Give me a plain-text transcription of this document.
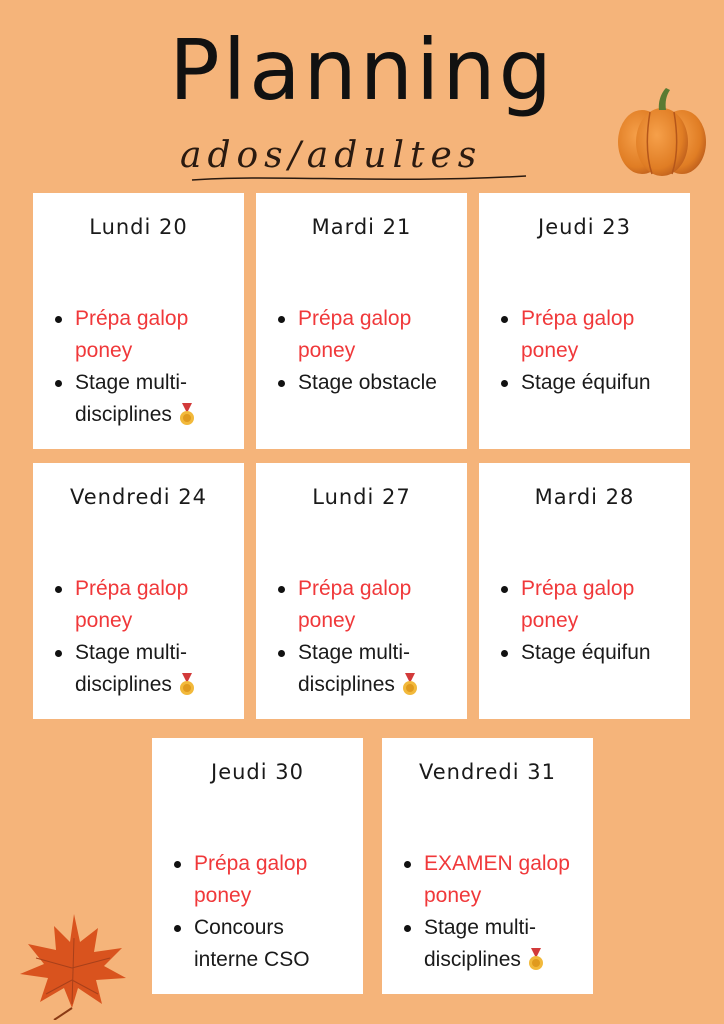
Planning
ados/adultes
Lundi 20
Prépa galop
poney
Stage multi-
disciplines
Mardi 21
Prépa galop
poney
Stage obstacle
Jeudi 23
Prépa galop
poney
Stage équifun
Vendredi 24
Prépa galop
poney
Stage multi-
disciplines
Lundi 27
Prépa galop
poney
Stage multi-
disciplines
Mardi 28
Prépa galop
poney
Stage équifun
Jeudi 30
Prépa galop
poney
Concours
interne CSO
Vendredi 31
EXAMEN galop
poney
Stage multi-
disciplines
